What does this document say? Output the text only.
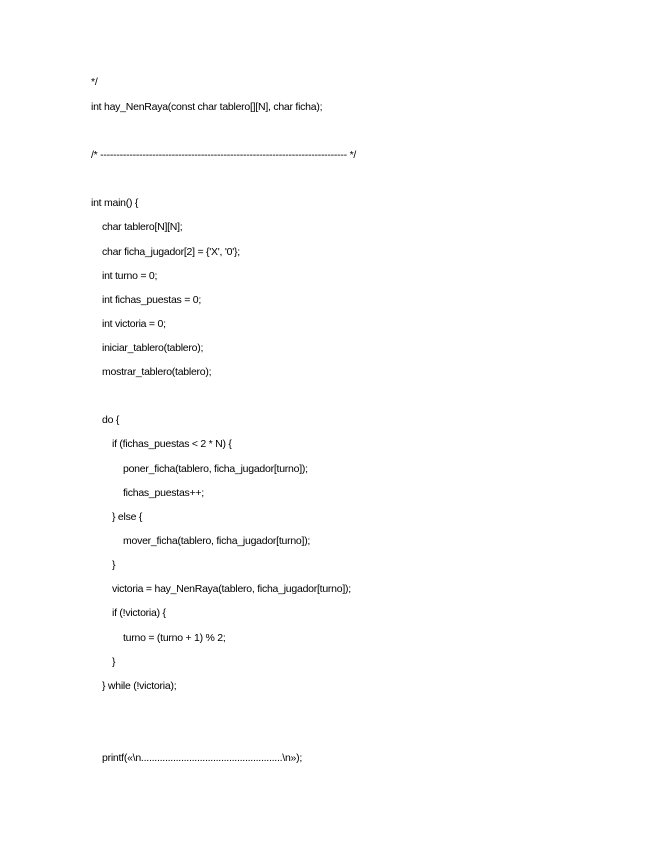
*/
int hay_NenRaya(const char tablero[][N], char ficha);
/* ---------------------------------------------------------------------------- */
int main() {
char tablero[N][N];
char ficha_jugador[2] = {'X', '0'};
int turno = 0;
int fichas_puestas = 0;
int victoria = 0;
iniciar_tablero(tablero);
mostrar_tablero(tablero);
do {
if (fichas_puestas < 2 * N) {
poner_ficha(tablero, ficha_jugador[turno]);
fichas_puestas++;
} else {
mover_ficha(tablero, ficha_jugador[turno]);
}
victoria = hay_NenRaya(tablero, ficha_jugador[turno]);
if (!victoria) {
turno = (turno + 1) % 2;
}
} while (!victoria);
printf(«\n.....................................................\n»);
